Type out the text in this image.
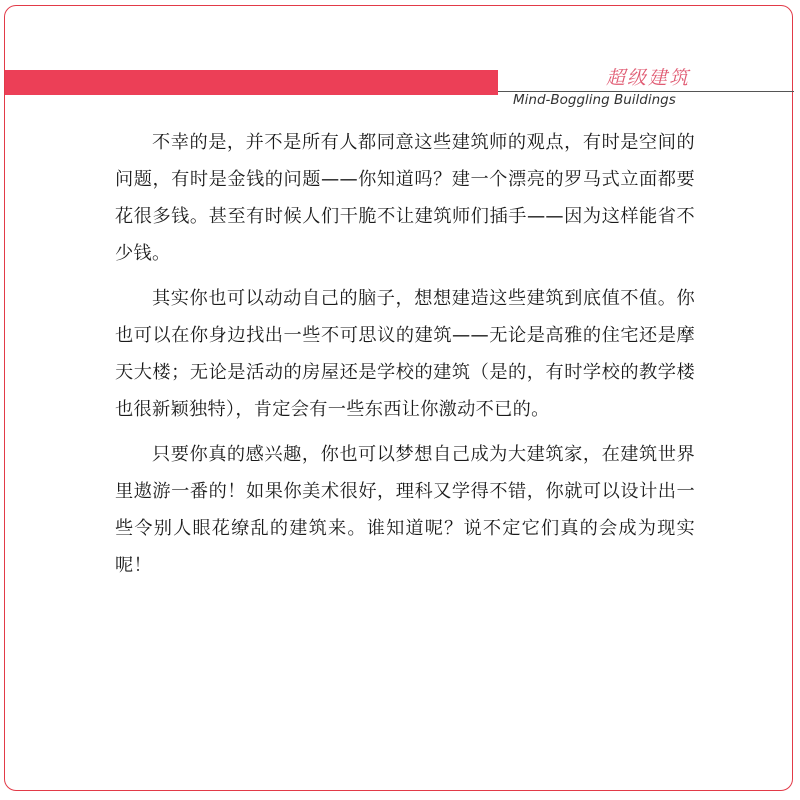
超级建筑
Mind-Boggling Buildings

不幸的是，并不是所有人都同意这些建筑师的观点，有时是空间的问题，有时是金钱的问题——你知道吗？建一个漂亮的罗马式立面都要花很多钱。甚至有时候人们干脆不让建筑师们插手——因为这样能省不少钱。

其实你也可以动动自己的脑子，想想建造这些建筑到底值不值。你也可以在你身边找出一些不可思议的建筑——无论是高雅的住宅还是摩天大楼；无论是活动的房屋还是学校的建筑（是的，有时学校的教学楼也很新颖独特），肯定会有一些东西让你激动不已的。

只要你真的感兴趣，你也可以梦想自己成为大建筑家，在建筑世界里遨游一番的！如果你美术很好，理科又学得不错，你就可以设计出一些令别人眼花缭乱的建筑来。谁知道呢？说不定它们真的会成为现实呢！
